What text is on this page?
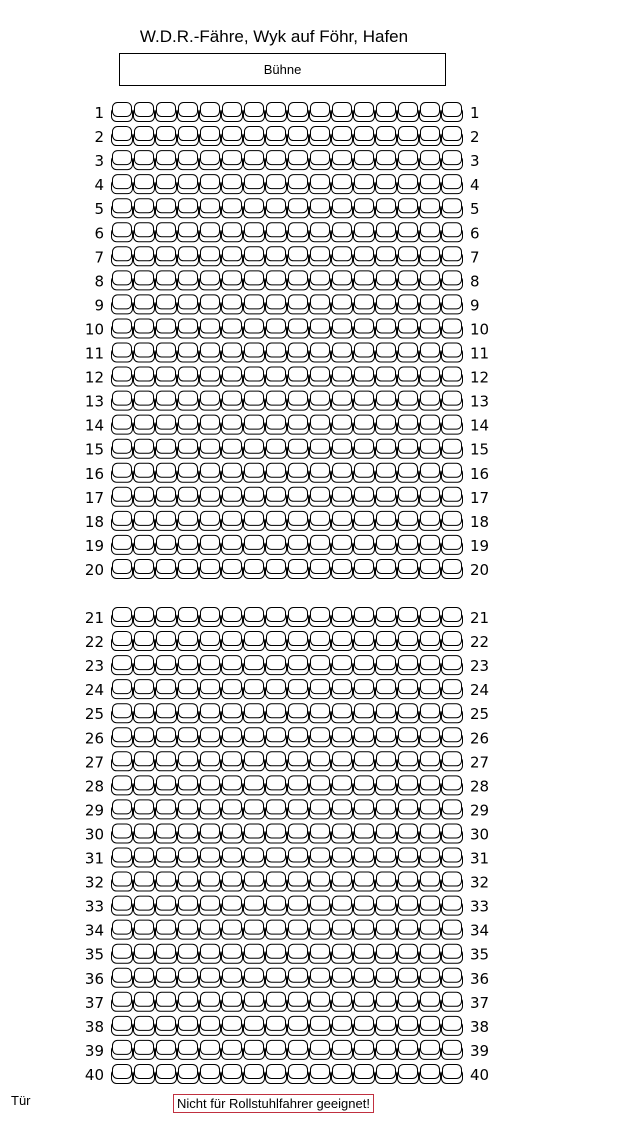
W.D.R.-Fähre, Wyk auf Föhr, Hafen
Bühne
1	1
2	2
3	3
4	4
5	5
6	6
7	7
8	8
9	9
10	10
11	11
12	12
13	13
14	14
15	15
16	16
17	17
18	18
19	19
20	20
21	21
22	22
23	23
24	24
25	25
26	26
27	27
28	28
29	29
30	30
31	31
32	32
33	33
34	34
35	35
36	36
37	37
38	38
39	39
40	40
Tür	Nicht für Rollstuhlfahrer geeignet!
